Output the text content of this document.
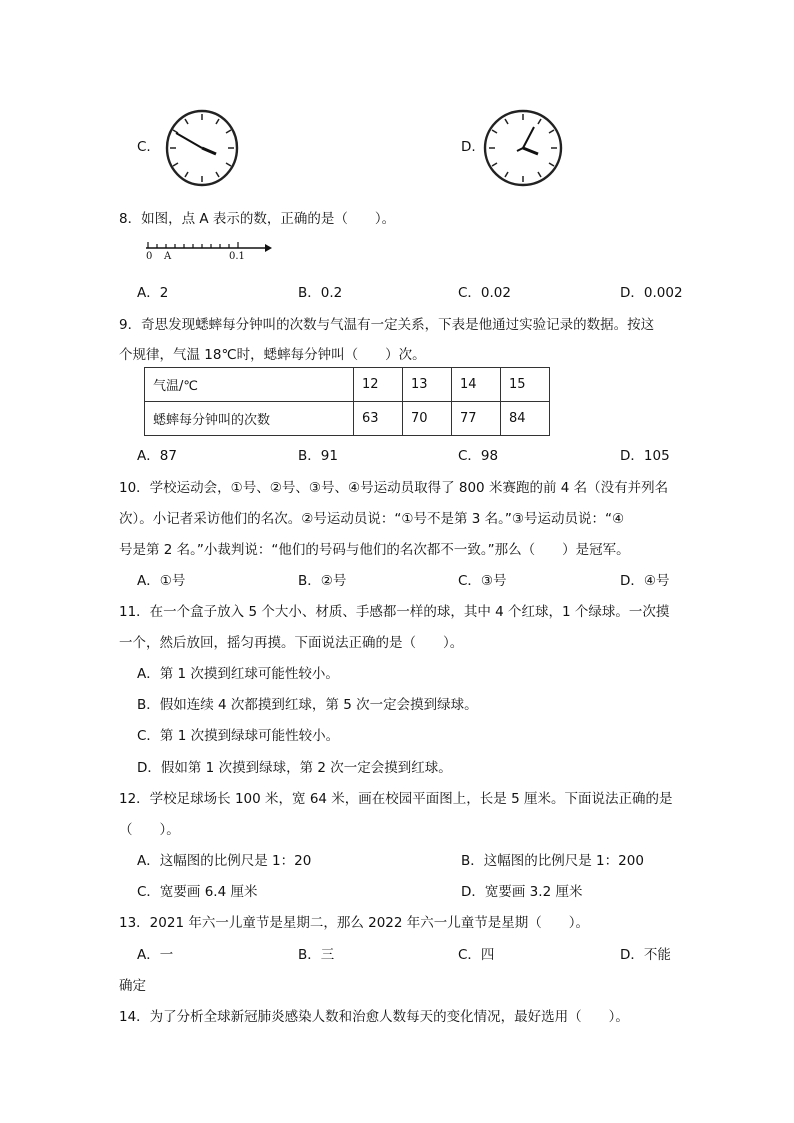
C.	D.
8．如图，点 A 表示的数，正确的是（　　）。
0 A	0.1
A．2	B．0.2	C．0.02	D．0.002
9．奇思发现蟋蟀每分钟叫的次数与气温有一定关系，下表是他通过实验记录的数据。按这
个规律，气温 18℃时，蟋蟀每分钟叫（　　）次。
气温/℃	12	13	14	15
蟋蟀每分钟叫的次数	63	70	77	84
A．87	B．91	C．98	D．105
10．学校运动会，①号、②号、③号、④号运动员取得了 800 米赛跑的前 4 名（没有并列名
次）。小记者采访他们的名次。②号运动员说：“①号不是第 3 名。”③号运动员说：“④
号是第 2 名。”小裁判说：“他们的号码与他们的名次都不一致。”那么（　　）是冠军。
A．①号	B．②号	C．③号	D．④号
11．在一个盒子放入 5 个大小、材质、手感都一样的球，其中 4 个红球，1 个绿球。一次摸
一个，然后放回，摇匀再摸。下面说法正确的是（　　）。
A．第 1 次摸到红球可能性较小。
B．假如连续 4 次都摸到红球，第 5 次一定会摸到绿球。
C．第 1 次摸到绿球可能性较小。
D．假如第 1 次摸到绿球，第 2 次一定会摸到红球。
12．学校足球场长 100 米，宽 64 米，画在校园平面图上，长是 5 厘米。下面说法正确的是
（　　）。
A．这幅图的比例尺是 1：20	B．这幅图的比例尺是 1：200
C．宽要画 6.4 厘米	D．宽要画 3.2 厘米
13．2021 年六一儿童节是星期二，那么 2022 年六一儿童节是星期（　　）。
A．一	B．三	C．四	D．不能
确定
14．为了分析全球新冠肺炎感染人数和治愈人数每天的变化情况，最好选用（　　）。
